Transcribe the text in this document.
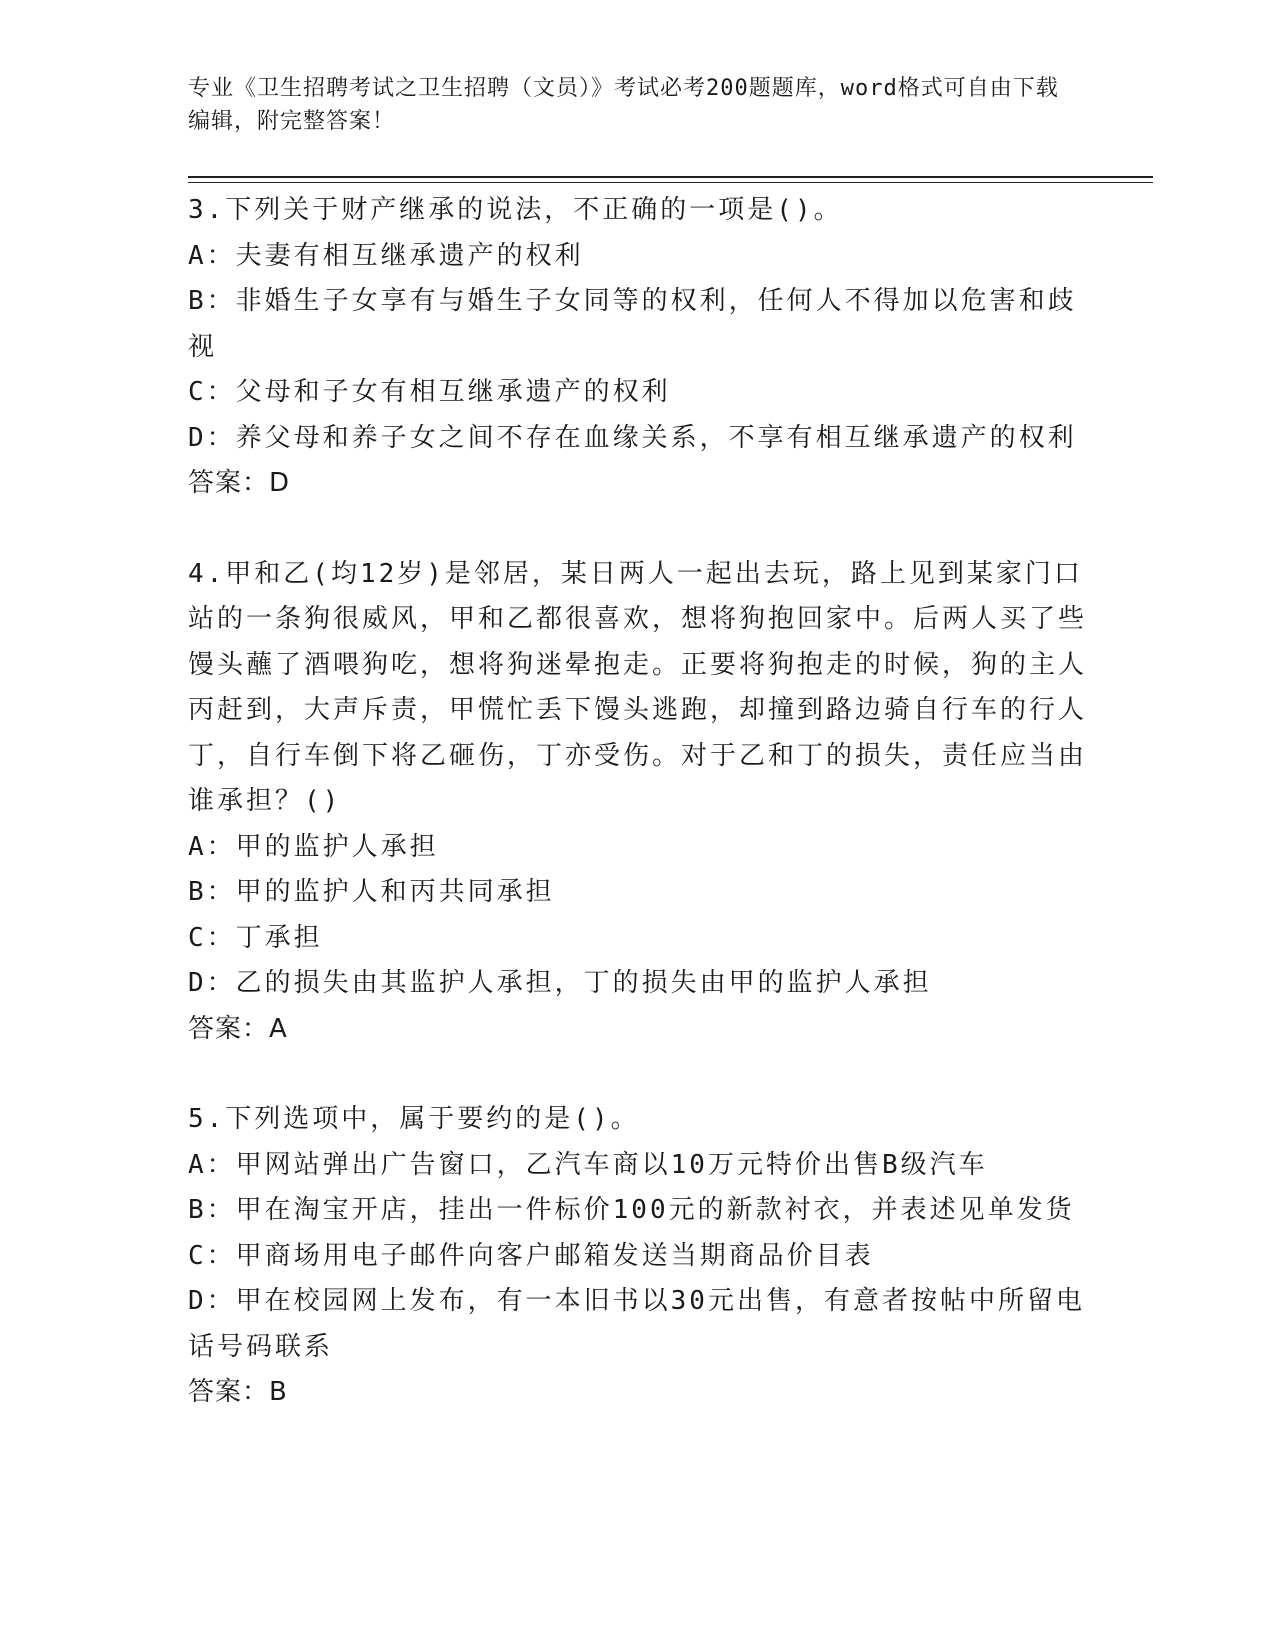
专业《卫生招聘考试之卫生招聘（文员）》考试必考200题题库，word格式可自由下载编辑，附完整答案！

3.下列关于财产继承的说法，不正确的一项是()。

A：夫妻有相互继承遗产的权利

B：非婚生子女享有与婚生子女同等的权利，任何人不得加以危害和歧视

C：父母和子女有相互继承遗产的权利

D：养父母和养子女之间不存在血缘关系，不享有相互继承遗产的权利

答案：D

4.甲和乙(均12岁)是邻居，某日两人一起出去玩，路上见到某家门口站的一条狗很威风，甲和乙都很喜欢，想将狗抱回家中。后两人买了些馒头蘸了酒喂狗吃，想将狗迷晕抱走。正要将狗抱走的时候，狗的主人丙赶到，大声斥责，甲慌忙丢下馒头逃跑，却撞到路边骑自行车的行人丁，自行车倒下将乙砸伤，丁亦受伤。对于乙和丁的损失，责任应当由谁承担？()

A：甲的监护人承担

B：甲的监护人和丙共同承担

C：丁承担

D：乙的损失由其监护人承担，丁的损失由甲的监护人承担

答案：A

5.下列选项中，属于要约的是()。

A：甲网站弹出广告窗口，乙汽车商以10万元特价出售B级汽车

B：甲在淘宝开店，挂出一件标价100元的新款衬衣，并表述见单发货

C：甲商场用电子邮件向客户邮箱发送当期商品价目表

D：甲在校园网上发布，有一本旧书以30元出售，有意者按帖中所留电话号码联系

答案：B
